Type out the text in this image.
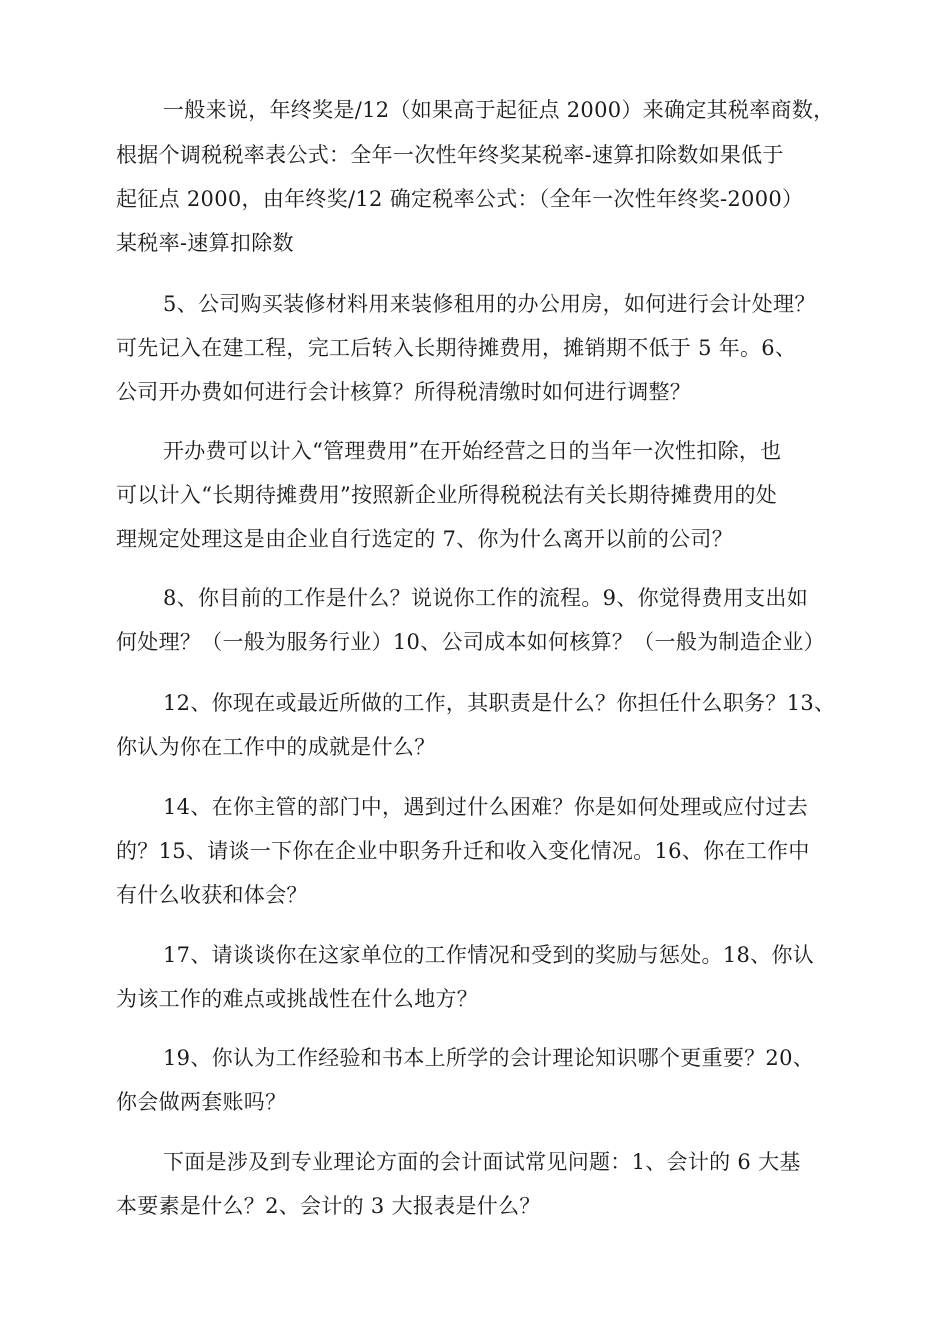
一般来说，年终奖是/12（如果高于起征点 2000）来确定其税率商数，
根据个调税税率表公式：全年一次性年终奖某税率-速算扣除数如果低于
起征点 2000，由年终奖/12 确定税率公式：（全年一次性年终奖-2000）
某税率-速算扣除数
5、公司购买装修材料用来装修租用的办公用房，如何进行会计处理？
可先记入在建工程，完工后转入长期待摊费用，摊销期不低于 5 年。6、
公司开办费如何进行会计核算？所得税清缴时如何进行调整？
开办费可以计入“管理费用”在开始经营之日的当年一次性扣除，也
可以计入“长期待摊费用”按照新企业所得税税法有关长期待摊费用的处
理规定处理这是由企业自行选定的 7、你为什么离开以前的公司？
8、你目前的工作是什么？说说你工作的流程。9、你觉得费用支出如
何处理？（一般为服务行业）10、公司成本如何核算？（一般为制造企业）
12、你现在或最近所做的工作，其职责是什么？你担任什么职务？13、
你认为你在工作中的成就是什么？
14、在你主管的部门中，遇到过什么困难？你是如何处理或应付过去
的？15、请谈一下你在企业中职务升迁和收入变化情况。16、你在工作中
有什么收获和体会？
17、请谈谈你在这家单位的工作情况和受到的奖励与惩处。18、你认
为该工作的难点或挑战性在什么地方？
19、你认为工作经验和书本上所学的会计理论知识哪个更重要？20、
你会做两套账吗？
下面是涉及到专业理论方面的会计面试常见问题：1、会计的 6 大基
本要素是什么？2、会计的 3 大报表是什么？
